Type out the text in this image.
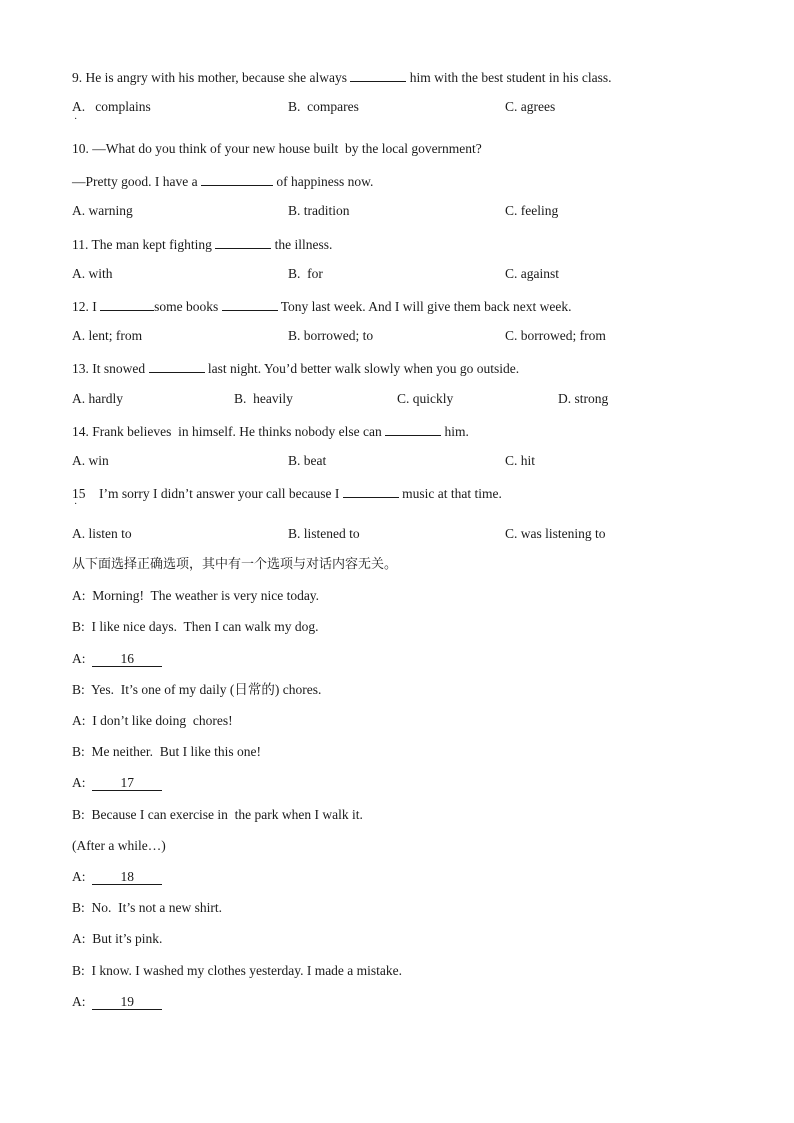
9. He is angry with his mother, because she always	him with the best student in his class.
A.   complains	B.  compares	C. agrees
·
10. —What do you think of your new house built  by the local government?
—Pretty good. I have a	of happiness now.
A. warning	B. tradition	C. feeling
11. The man kept fighting	the illness.
A. with	B.  for	C. against
12. I	some books	Tony last week. And I will give them back next week.
A. lent; from	B. borrowed; to	C. borrowed; from
13. It snowed	last night. You’d better walk slowly when you go outside.
A. hardly	B.  heavily	C. quickly	D. strong
14. Frank believes  in himself. He thinks nobody else can	him.
A. win	B. beat	C. hit
15    I’m sorry I didn’t answer your call because I	music at that time.
·
A. listen to	B. listened to	C. was listening to
从下面选择正确选项，其中有一个选项与对话内容无关。
A:  Morning!  The weather is very nice today.
B:  I like nice days.  Then I can walk my dog.
A:  16
B:  Yes.  It’s one of my daily (日常的) chores.
A:  I don’t like doing  chores!
B:  Me neither.  But I like this one!
A:  17
B:  Because I can exercise in  the park when I walk it.
(After a while…)
A:  18
B:  No.  It’s not a new shirt.
A:  But it’s pink.
B:  I know. I washed my clothes yesterday. I made a mistake.
A:  19
